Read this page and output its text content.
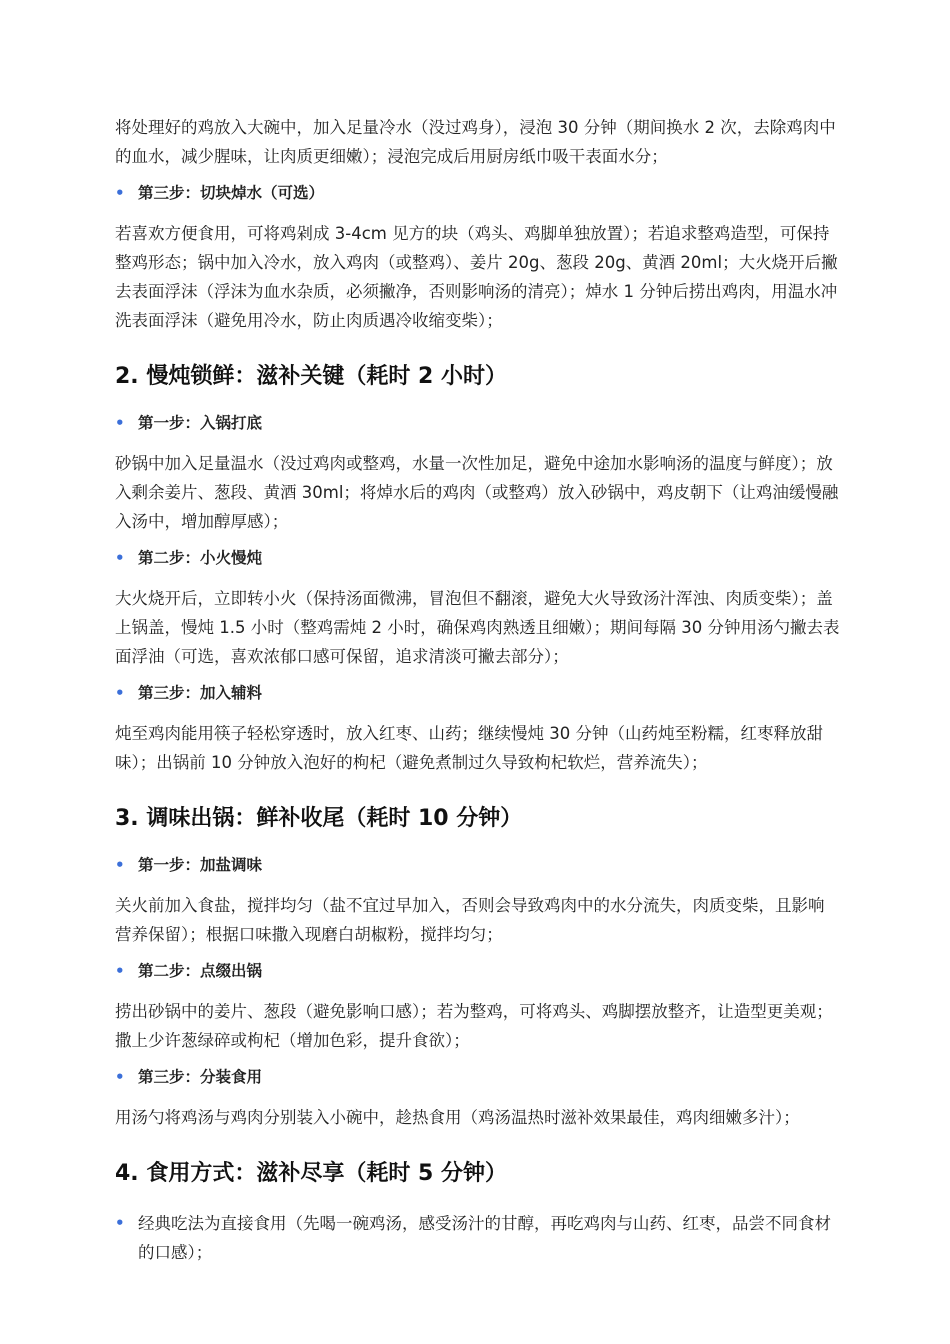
将处理好的鸡放入大碗中，加入足量冷水（没过鸡身），浸泡 30 分钟（期间换水 2 次，去除鸡肉中的血水，减少腥味，让肉质更细嫩）；浸泡完成后用厨房纸巾吸干表面水分；

• 第三步：切块焯水（可选）

若喜欢方便食用，可将鸡剁成 3-4cm 见方的块（鸡头、鸡脚单独放置）；若追求整鸡造型，可保持整鸡形态；锅中加入冷水，放入鸡肉（或整鸡）、姜片 20g、葱段 20g、黄酒 20ml；大火烧开后撇去表面浮沫（浮沫为血水杂质，必须撇净，否则影响汤的清亮）；焯水 1 分钟后捞出鸡肉，用温水冲洗表面浮沫（避免用冷水，防止肉质遇冷收缩变柴）；

2. 慢炖锁鲜：滋补关键（耗时 2 小时）
• 第一步：入锅打底

砂锅中加入足量温水（没过鸡肉或整鸡，水量一次性加足，避免中途加水影响汤的温度与鲜度）；放入剩余姜片、葱段、黄酒 30ml；将焯水后的鸡肉（或整鸡）放入砂锅中，鸡皮朝下（让鸡油缓慢融入汤中，增加醇厚感）；

• 第二步：小火慢炖

大火烧开后，立即转小火（保持汤面微沸，冒泡但不翻滚，避免大火导致汤汁浑浊、肉质变柴）；盖上锅盖，慢炖 1.5 小时（整鸡需炖 2 小时，确保鸡肉熟透且细嫩）；期间每隔 30 分钟用汤勺撇去表面浮油（可选，喜欢浓郁口感可保留，追求清淡可撇去部分）；

• 第三步：加入辅料

炖至鸡肉能用筷子轻松穿透时，放入红枣、山药；继续慢炖 30 分钟（山药炖至粉糯，红枣释放甜味）；出锅前 10 分钟放入泡好的枸杞（避免煮制过久导致枸杞软烂，营养流失）；

3. 调味出锅：鲜补收尾（耗时 10 分钟）
• 第一步：加盐调味

关火前加入食盐，搅拌均匀（盐不宜过早加入，否则会导致鸡肉中的水分流失，肉质变柴，且影响营养保留）；根据口味撒入现磨白胡椒粉，搅拌均匀；

• 第二步：点缀出锅

捞出砂锅中的姜片、葱段（避免影响口感）；若为整鸡，可将鸡头、鸡脚摆放整齐，让造型更美观；撒上少许葱绿碎或枸杞（增加色彩，提升食欲）；

• 第三步：分装食用

用汤勺将鸡汤与鸡肉分别装入小碗中，趁热食用（鸡汤温热时滋补效果最佳，鸡肉细嫩多汁）；

4. 食用方式：滋补尽享（耗时 5 分钟）
• 经典吃法为直接食用（先喝一碗鸡汤，感受汤汁的甘醇，再吃鸡肉与山药、红枣，品尝不同食材的口感）；
